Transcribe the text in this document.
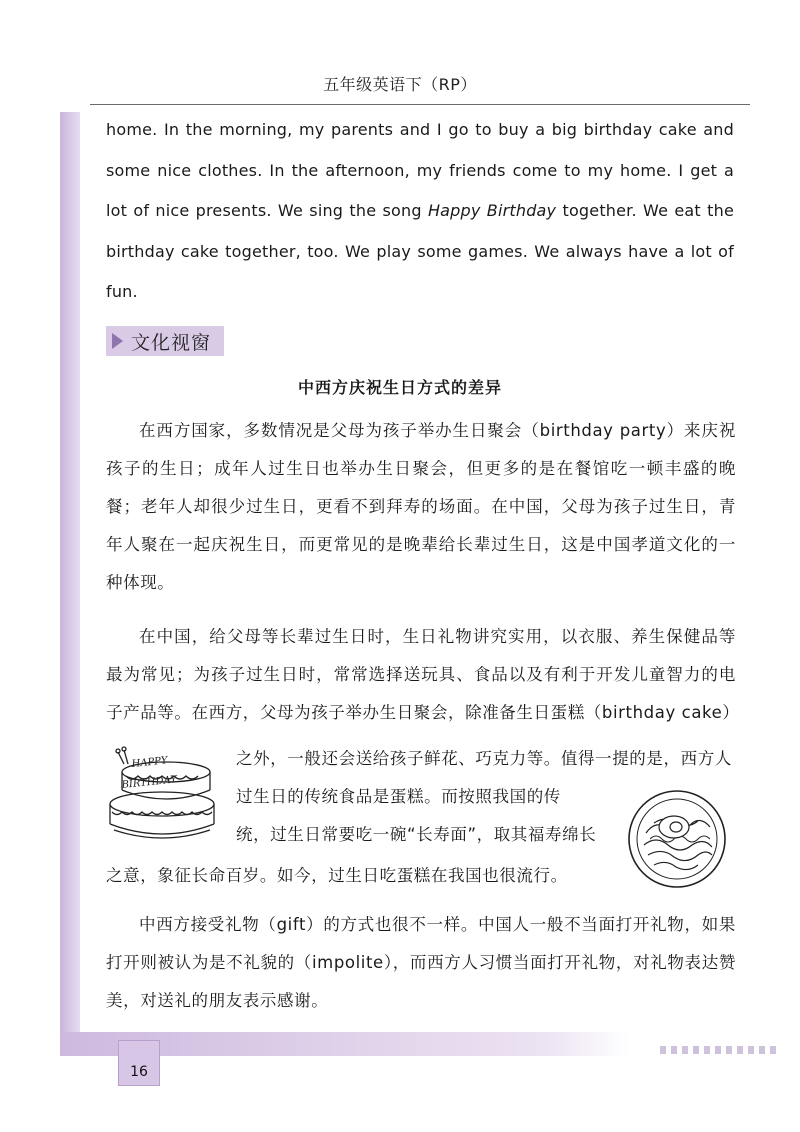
五年级英语下（RP）
16
home. In the morning, my parents and I go to buy a big birthday cake and some nice clothes. In the afternoon, my friends come to my home. I get a lot of nice presents. We sing the song Happy Birthday together. We eat the birthday cake together, too. We play some games. We always have a lot of fun.
文化视窗
中西方庆祝生日方式的差异
在西方国家，多数情况是父母为孩子举办生日聚会（birthday party）来庆祝孩子的生日；成年人过生日也举办生日聚会，但更多的是在餐馆吃一顿丰盛的晚餐；老年人却很少过生日，更看不到拜寿的场面。在中国，父母为孩子过生日，青年人聚在一起庆祝生日，而更常见的是晚辈给长辈过生日，这是中国孝道文化的一种体现。
在中国，给父母等长辈过生日时，生日礼物讲究实用，以衣服、养生保健品等最为常见；为孩子过生日时，常常选择送玩具、食品以及有利于开发儿童智力的电子产品等。在西方，父母为孩子举办生日聚会，除准备生日蛋糕（birthday cake）
之外，一般还会送给孩子鲜花、巧克力等。值得一提的是，西方人
过生日的传统食品是蛋糕。而按照我国的传
统，过生日常要吃一碗“长寿面”，取其福寿绵长
之意，象征长命百岁。如今，过生日吃蛋糕在我国也很流行。
中西方接受礼物（gift）的方式也很不一样。中国人一般不当面打开礼物，如果打开则被认为是不礼貌的（impolite），而西方人习惯当面打开礼物，对礼物表达赞美，对送礼的朋友表示感谢。
HAPPY
BIRTHDAY
